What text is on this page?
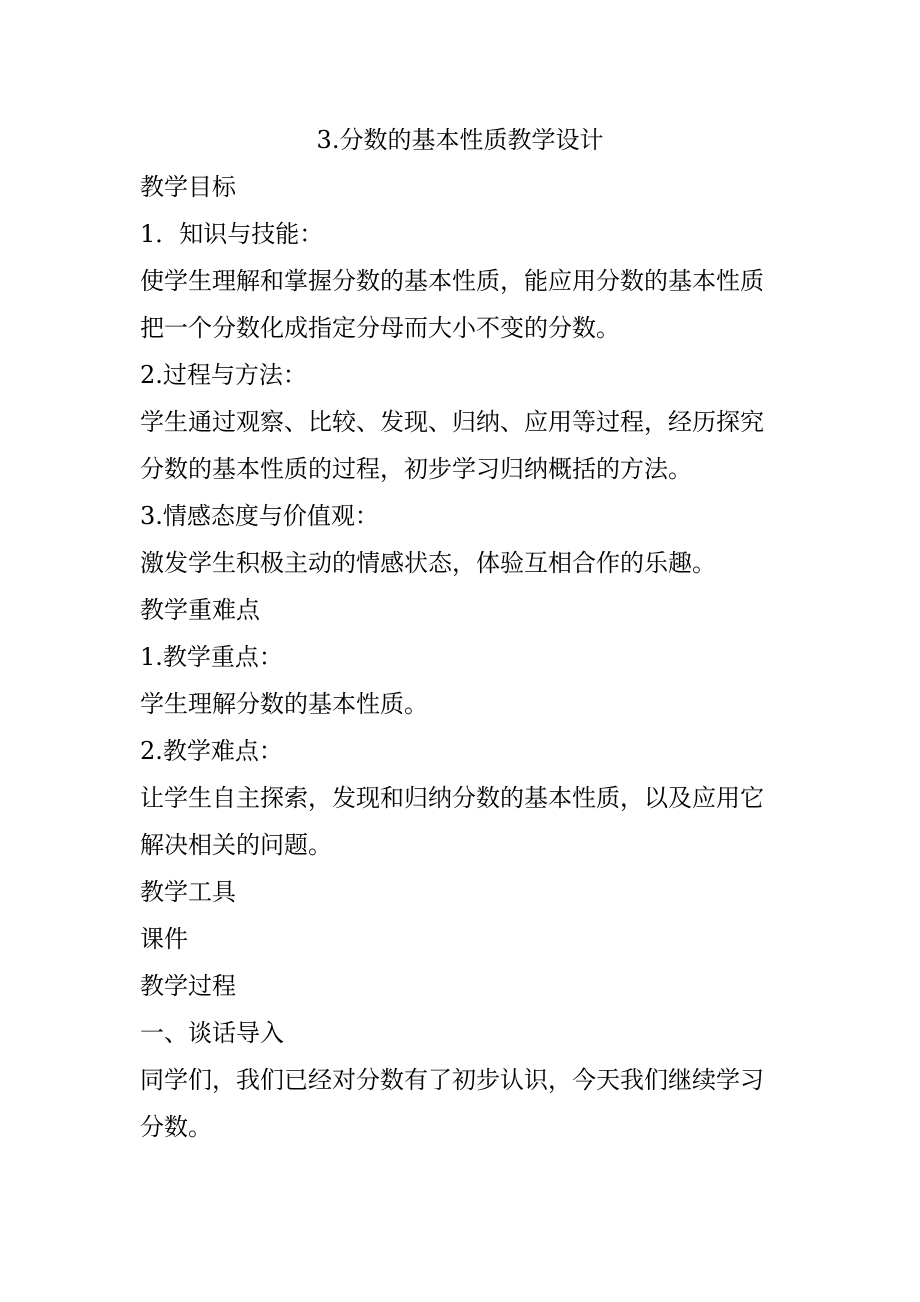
3.分数的基本性质教学设计
教学目标
1．知识与技能：
使学生理解和掌握分数的基本性质，能应用分数的基本性质
把一个分数化成指定分母而大小不变的分数。
2.过程与方法：
学生通过观察、比较、发现、归纳、应用等过程，经历探究
分数的基本性质的过程，初步学习归纳概括的方法。
3.情感态度与价值观：
激发学生积极主动的情感状态，体验互相合作的乐趣。
教学重难点
1.教学重点：
学生理解分数的基本性质。
2.教学难点：
让学生自主探索，发现和归纳分数的基本性质，以及应用它
解决相关的问题。
教学工具
课件
教学过程
一、谈话导入
同学们，我们已经对分数有了初步认识，今天我们继续学习
分数。
